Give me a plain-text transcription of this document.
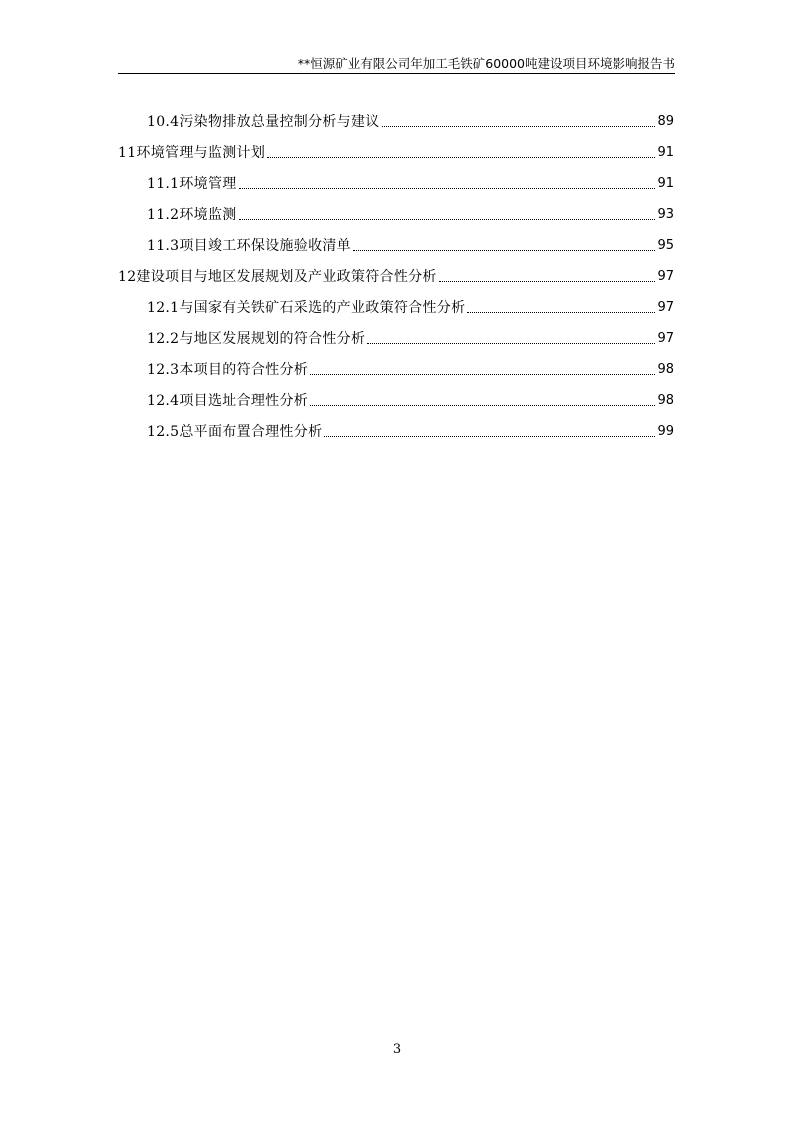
**恒源矿业有限公司年加工毛铁矿60000吨建设项目环境影响报告书
10.4污染物排放总量控制分析与建议	89
11环境管理与监测计划	91
11.1环境管理	91
11.2环境监测	93
11.3项目竣工环保设施验收清单	95
12建设项目与地区发展规划及产业政策符合性分析	97
12.1与国家有关铁矿石采选的产业政策符合性分析	97
12.2与地区发展规划的符合性分析	97
12.3本项目的符合性分析	98
12.4项目选址合理性分析	98
12.5总平面布置合理性分析	99
3
